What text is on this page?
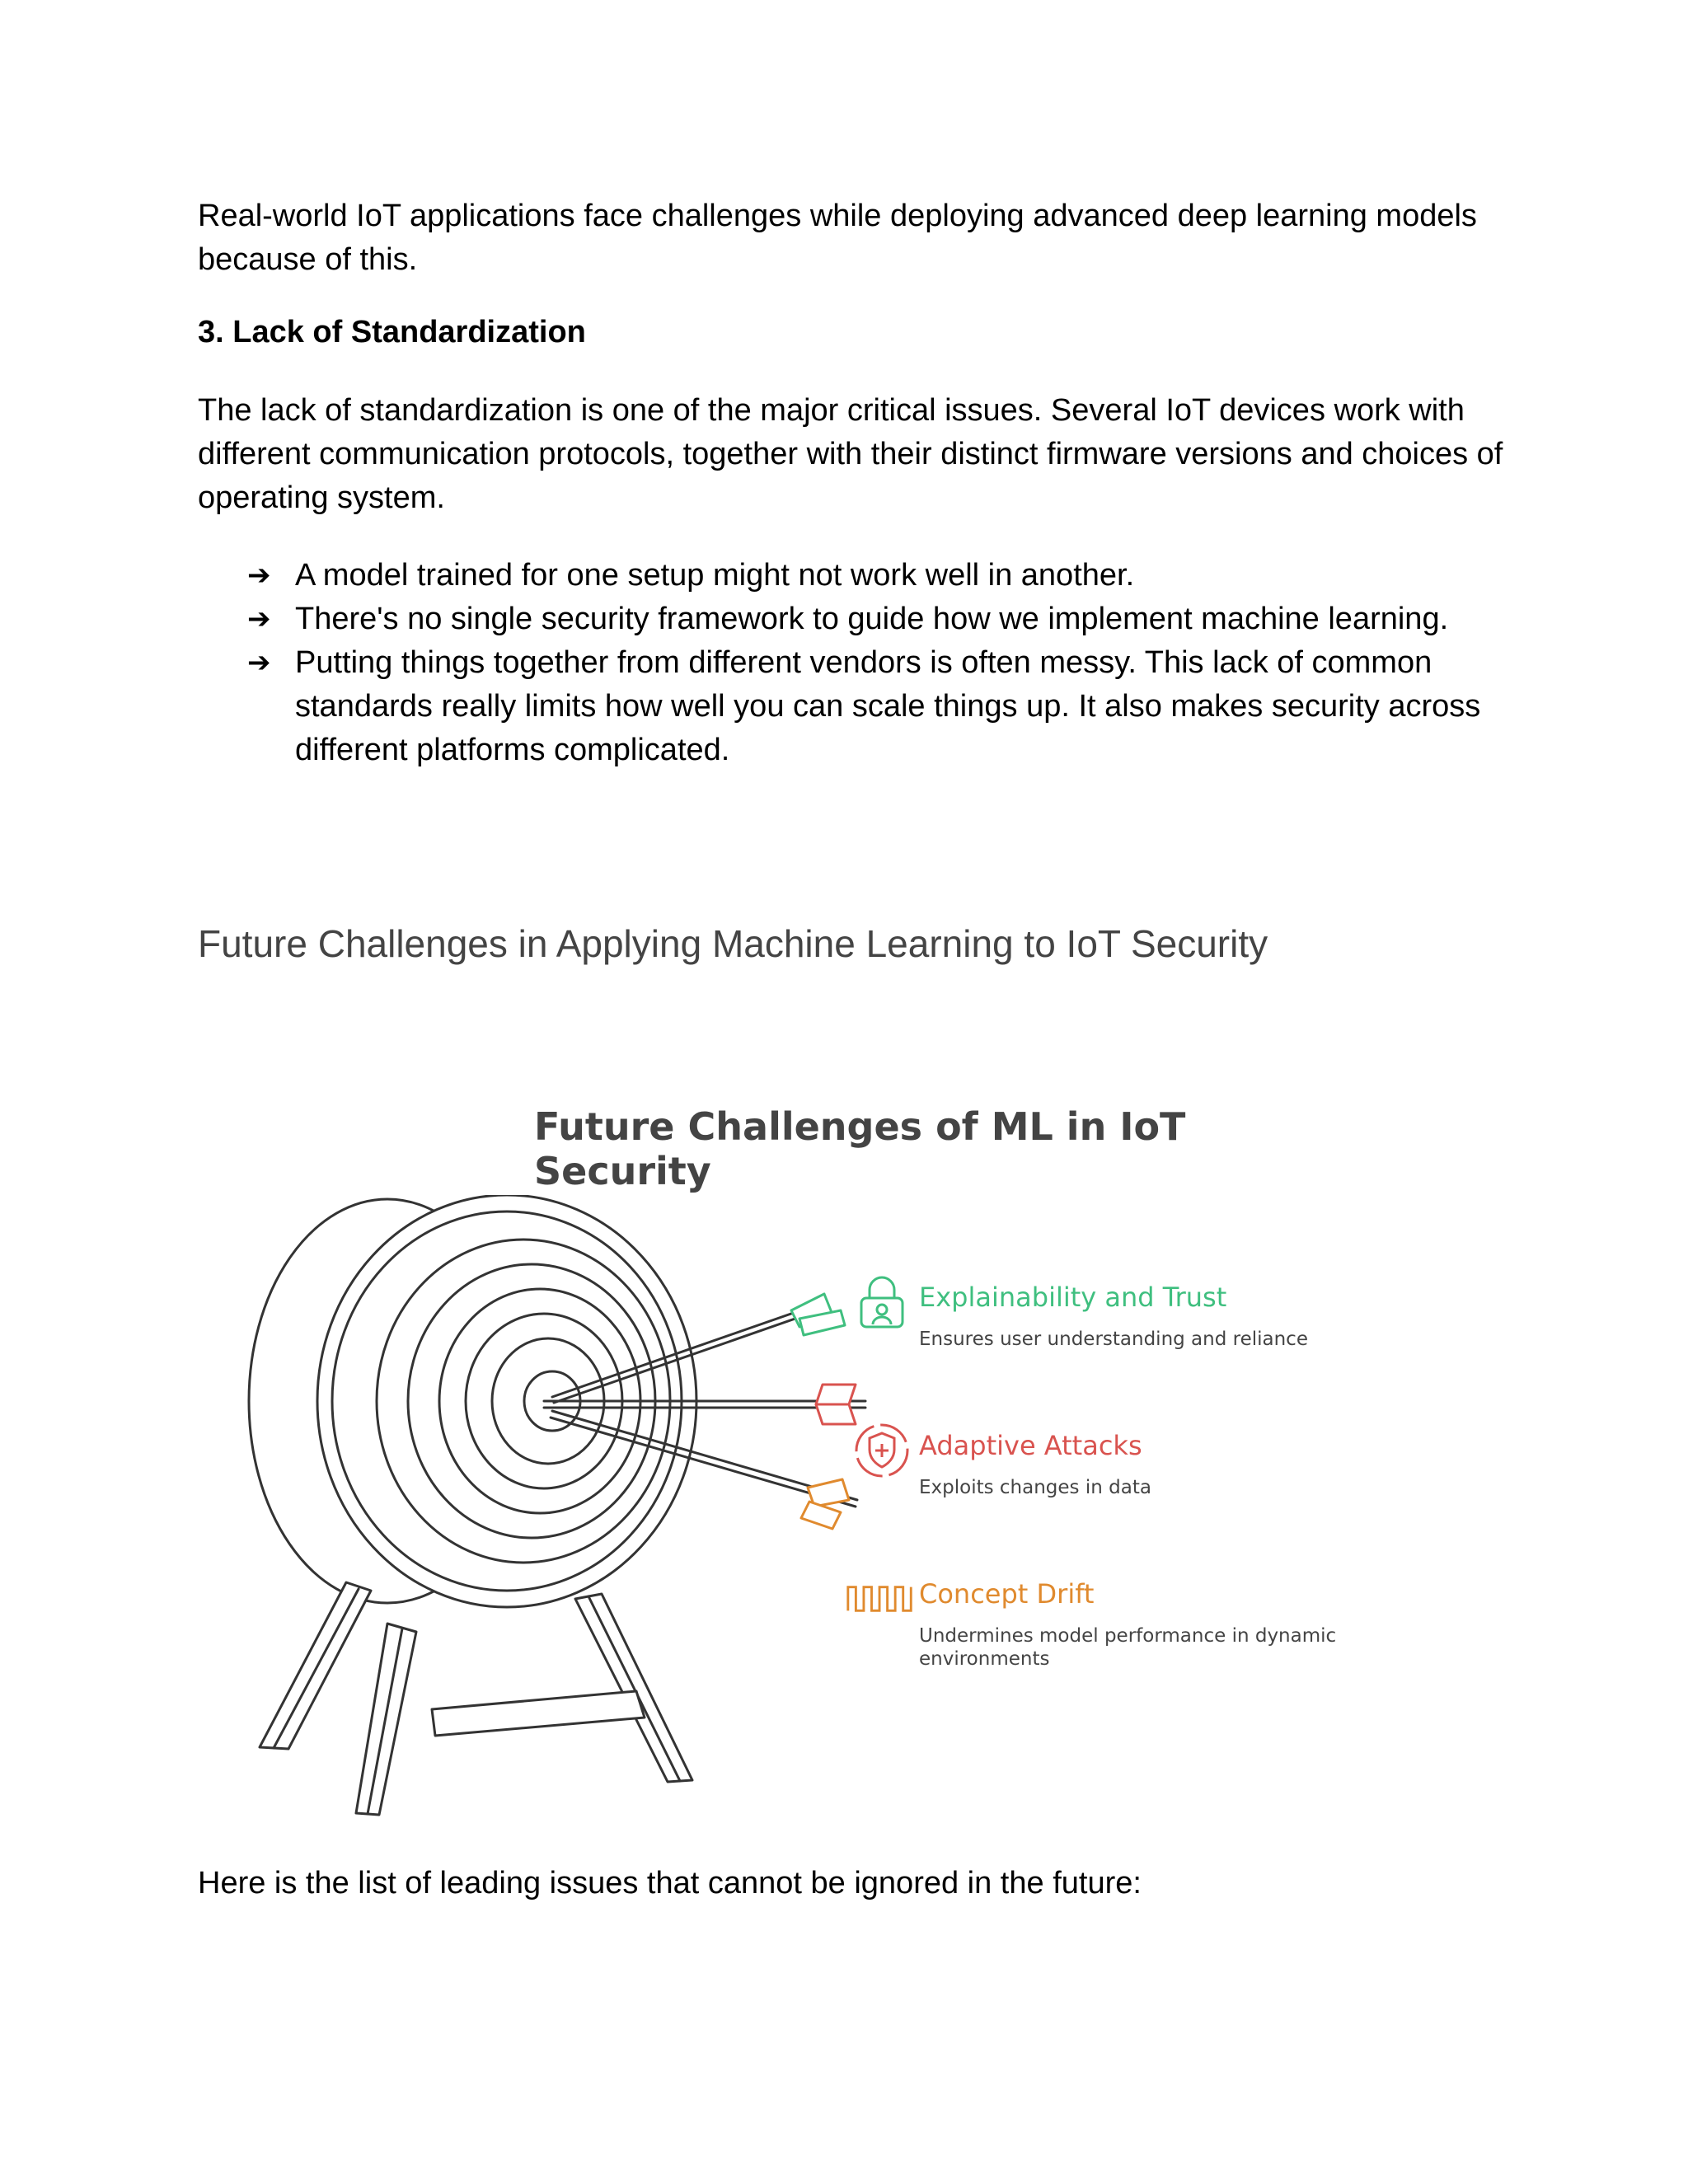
Real-world IoT applications face challenges while deploying advanced deep learning models because of this.

3. Lack of Standardization

The lack of standardization is one of the major critical issues. Several IoT devices work with different communication protocols, together with their distinct firmware versions and choices of operating system.

➔ A model trained for one setup might not work well in another.
➔ There's no single security framework to guide how we implement machine learning.
➔ Putting things together from different vendors is often messy. This lack of common standards really limits how well you can scale things up. It also makes security across different platforms complicated.
Future Challenges in Applying Machine Learning to IoT Security

Future Challenges of ML in IoT Security

Explainability and Trust

Ensures user understanding and reliance

Adaptive Attacks

Exploits changes in data

Concept Drift

Undermines model performance in dynamic environments

Here is the list of leading issues that cannot be ignored in the future:
